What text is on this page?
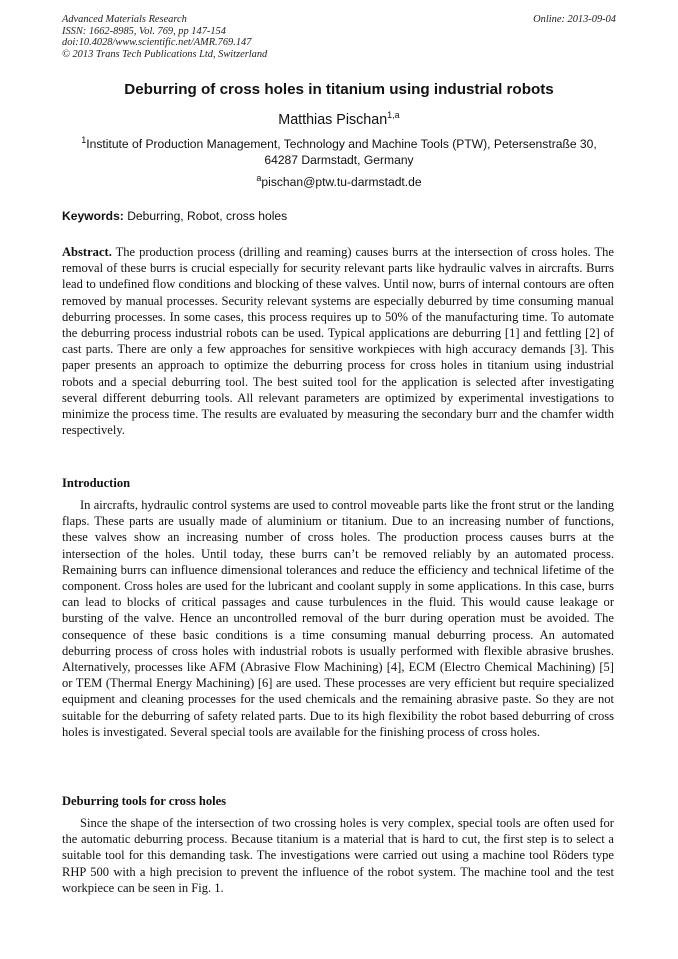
Advanced Materials Research
ISSN: 1662-8985, Vol. 769, pp 147-154
doi:10.4028/www.scientific.net/AMR.769.147
© 2013 Trans Tech Publications Ltd, Switzerland
Online: 2013-09-04
Deburring of cross holes in titanium using industrial robots
Matthias Pischan$^{1,a}$
$^1$Institute of Production Management, Technology and Machine Tools (PTW), Petersenstraße 30, 64287 Darmstadt, Germany
$^a$pischan@ptw.tu-darmstadt.de
Keywords: Deburring, Robot, cross holes
Abstract. The production process (drilling and reaming) causes burrs at the intersection of cross holes. The removal of these burrs is crucial especially for security relevant parts like hydraulic valves in aircrafts. Burrs lead to undefined flow conditions and blocking of these valves. Until now, burrs of internal contours are often removed by manual processes. Security relevant systems are especially deburred by time consuming manual deburring processes. In some cases, this process requires up to 50% of the manufacturing time. To automate the deburring process industrial robots can be used. Typical applications are deburring [1] and fettling [2] of cast parts. There are only a few approaches for sensitive workpieces with high accuracy demands [3]. This paper presents an approach to optimize the deburring process for cross holes in titanium using industrial robots and a special deburring tool. The best suited tool for the application is selected after investigating several different deburring tools. All relevant parameters are optimized by experimental investigations to minimize the process time. The results are evaluated by measuring the secondary burr and the chamfer width respectively.
Introduction
In aircrafts, hydraulic control systems are used to control moveable parts like the front strut or the landing flaps. These parts are usually made of aluminium or titanium. Due to an increasing number of functions, these valves show an increasing number of cross holes. The production process causes burrs at the intersection of the holes. Until today, these burrs can’t be removed reliably by an automated process. Remaining burrs can influence dimensional tolerances and reduce the efficiency and technical lifetime of the component. Cross holes are used for the lubricant and coolant supply in some applications. In this case, burrs can lead to blocks of critical passages and cause turbulences in the fluid. This would cause leakage or bursting of the valve. Hence an uncontrolled removal of the burr during operation must be avoided. The consequence of these basic conditions is a time consuming manual deburring process. An automated deburring process of cross holes with industrial robots is usually performed with flexible abrasive brushes. Alternatively, processes like AFM (Abrasive Flow Machining) [4], ECM (Electro Chemical Machining) [5] or TEM (Thermal Energy Machining) [6] are used. These processes are very efficient but require specialized equipment and cleaning processes for the used chemicals and the remaining abrasive paste. So they are not suitable for the deburring of safety related parts. Due to its high flexibility the robot based deburring of cross holes is investigated. Several special tools are available for the finishing process of cross holes.
Deburring tools for cross holes
Since the shape of the intersection of two crossing holes is very complex, special tools are often used for the automatic deburring process. Because titanium is a material that is hard to cut, the first step is to select a suitable tool for this demanding task. The investigations were carried out using a machine tool Röders type RHP 500 with a high precision to prevent the influence of the robot system. The machine tool and the test workpiece can be seen in Fig. 1.
